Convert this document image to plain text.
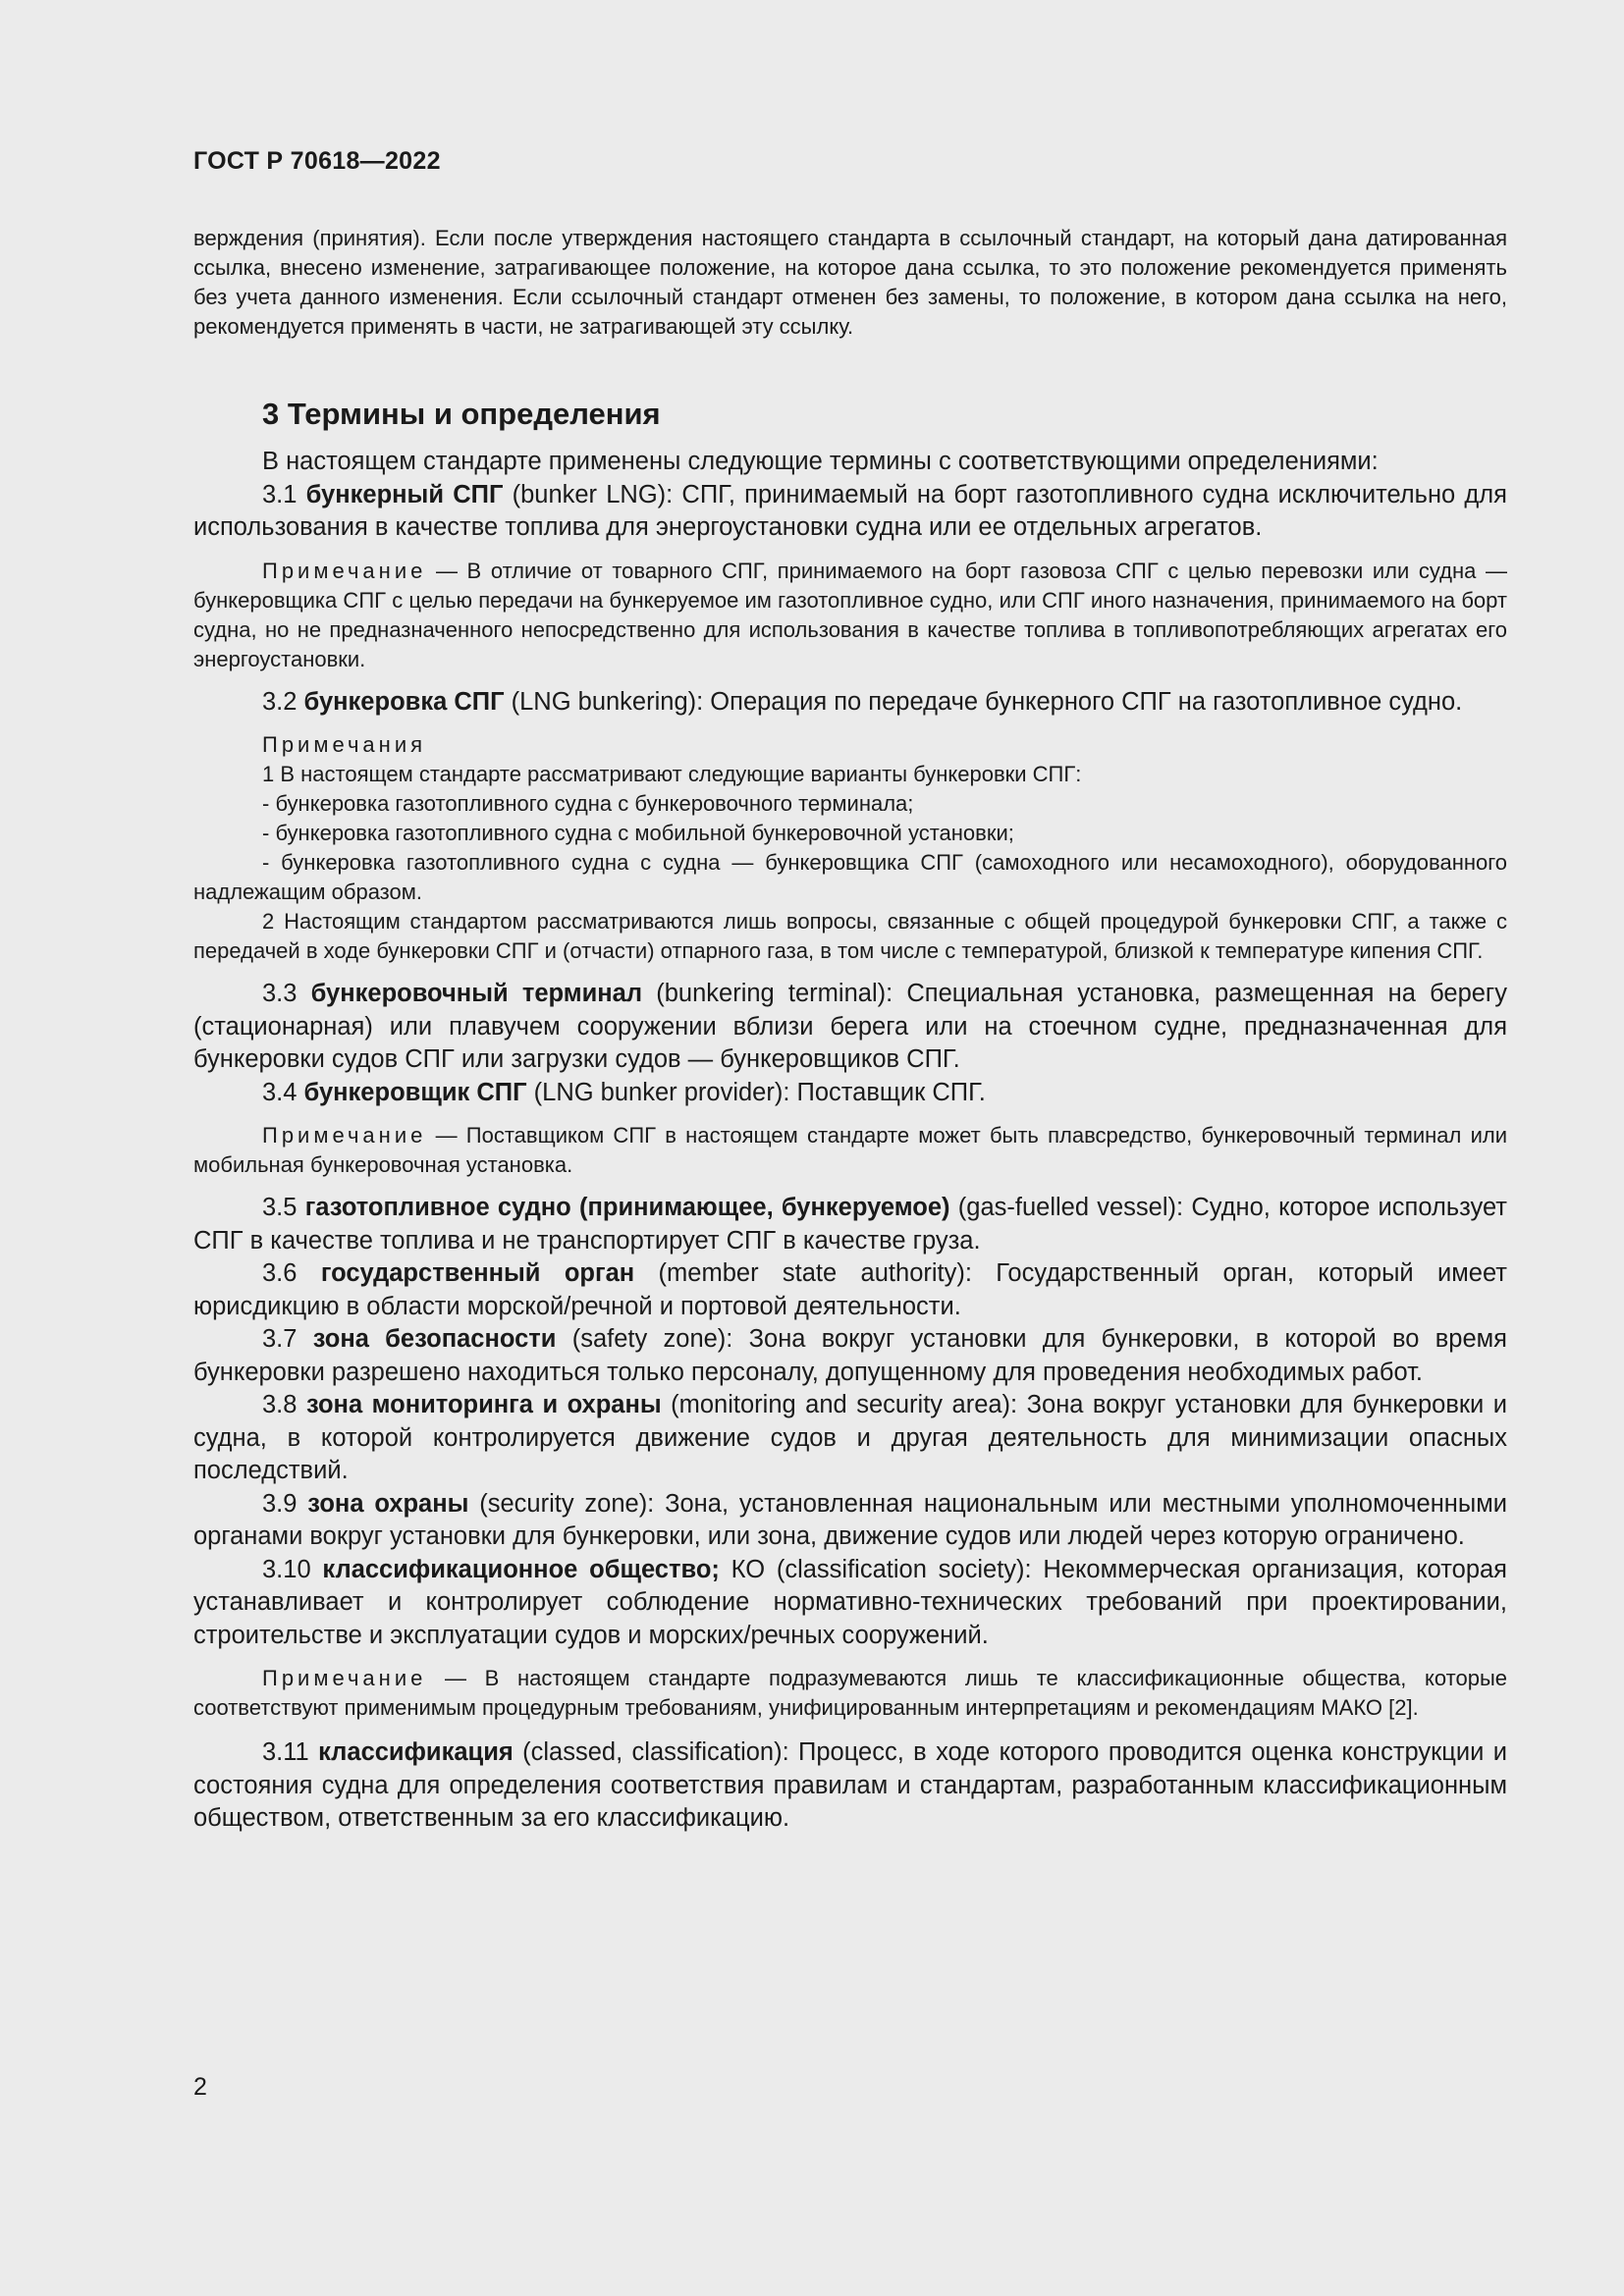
ГОСТ Р 70618—2022

верждения (принятия). Если после утверждения настоящего стандарта в ссылочный стандарт, на который дана датированная ссылка, внесено изменение, затрагивающее положение, на которое дана ссылка, то это положение рекомендуется применять без учета данного изменения. Если ссылочный стандарт отменен без замены, то положение, в котором дана ссылка на него, рекомендуется применять в части, не затрагивающей эту ссылку.

3 Термины и определения

В настоящем стандарте применены следующие термины с соответствующими определениями:

3.1 бункерный СПГ (bunker LNG): СПГ, принимаемый на борт газотопливного судна исключительно для использования в качестве топлива для энергоустановки судна или ее отдельных агрегатов.

Примечание — В отличие от товарного СПГ, принимаемого на борт газовоза СПГ с целью перевозки или судна — бункеровщика СПГ с целью передачи на бункеруемое им газотопливное судно, или СПГ иного назначения, принимаемого на борт судна, но не предназначенного непосредственно для использования в качестве топлива в топливопотребляющих агрегатах его энергоустановки.

3.2 бункеровка СПГ (LNG bunkering): Операция по передаче бункерного СПГ на газотопливное судно.

Примечания

1 В настоящем стандарте рассматривают следующие варианты бункеровки СПГ:

- бункеровка газотопливного судна с бункеровочного терминала;

- бункеровка газотопливного судна с мобильной бункеровочной установки;

- бункеровка газотопливного судна с судна — бункеровщика СПГ (самоходного или несамоходного), оборудованного надлежащим образом.

2 Настоящим стандартом рассматриваются лишь вопросы, связанные с общей процедурой бункеровки СПГ, а также с передачей в ходе бункеровки СПГ и (отчасти) отпарного газа, в том числе с температурой, близкой к температуре кипения СПГ.

3.3 бункеровочный терминал (bunkering terminal): Специальная установка, размещенная на берегу (стационарная) или плавучем сооружении вблизи берега или на стоечном судне, предназначенная для бункеровки судов СПГ или загрузки судов — бункеровщиков СПГ.

3.4 бункеровщик СПГ (LNG bunker provider): Поставщик СПГ.

Примечание — Поставщиком СПГ в настоящем стандарте может быть плавсредство, бункеровочный терминал или мобильная бункеровочная установка.

3.5 газотопливное судно (принимающее, бункеруемое) (gas-fuelled vessel): Судно, которое использует СПГ в качестве топлива и не транспортирует СПГ в качестве груза.

3.6 государственный орган (member state authority): Государственный орган, который имеет юрисдикцию в области морской/речной и портовой деятельности.

3.7 зона безопасности (safety zone): Зона вокруг установки для бункеровки, в которой во время бункеровки разрешено находиться только персоналу, допущенному для проведения необходимых работ.

3.8 зона мониторинга и охраны (monitoring and security area): Зона вокруг установки для бункеровки и судна, в которой контролируется движение судов и другая деятельность для минимизации опасных последствий.

3.9 зона охраны (security zone): Зона, установленная национальным или местными уполномоченными органами вокруг установки для бункеровки, или зона, движение судов или людей через которую ограничено.

3.10 классификационное общество; КО (classification society): Некоммерческая организация, которая устанавливает и контролирует соблюдение нормативно-технических требований при проектировании, строительстве и эксплуатации судов и морских/речных сооружений.

Примечание — В настоящем стандарте подразумеваются лишь те классификационные общества, которые соответствуют применимым процедурным требованиям, унифицированным интерпретациям и рекомендациям МАКО [2].

3.11 классификация (classed, classification): Процесс, в ходе которого проводится оценка конструкции и состояния судна для определения соответствия правилам и стандартам, разработанным классификационным обществом, ответственным за его классификацию.

2
